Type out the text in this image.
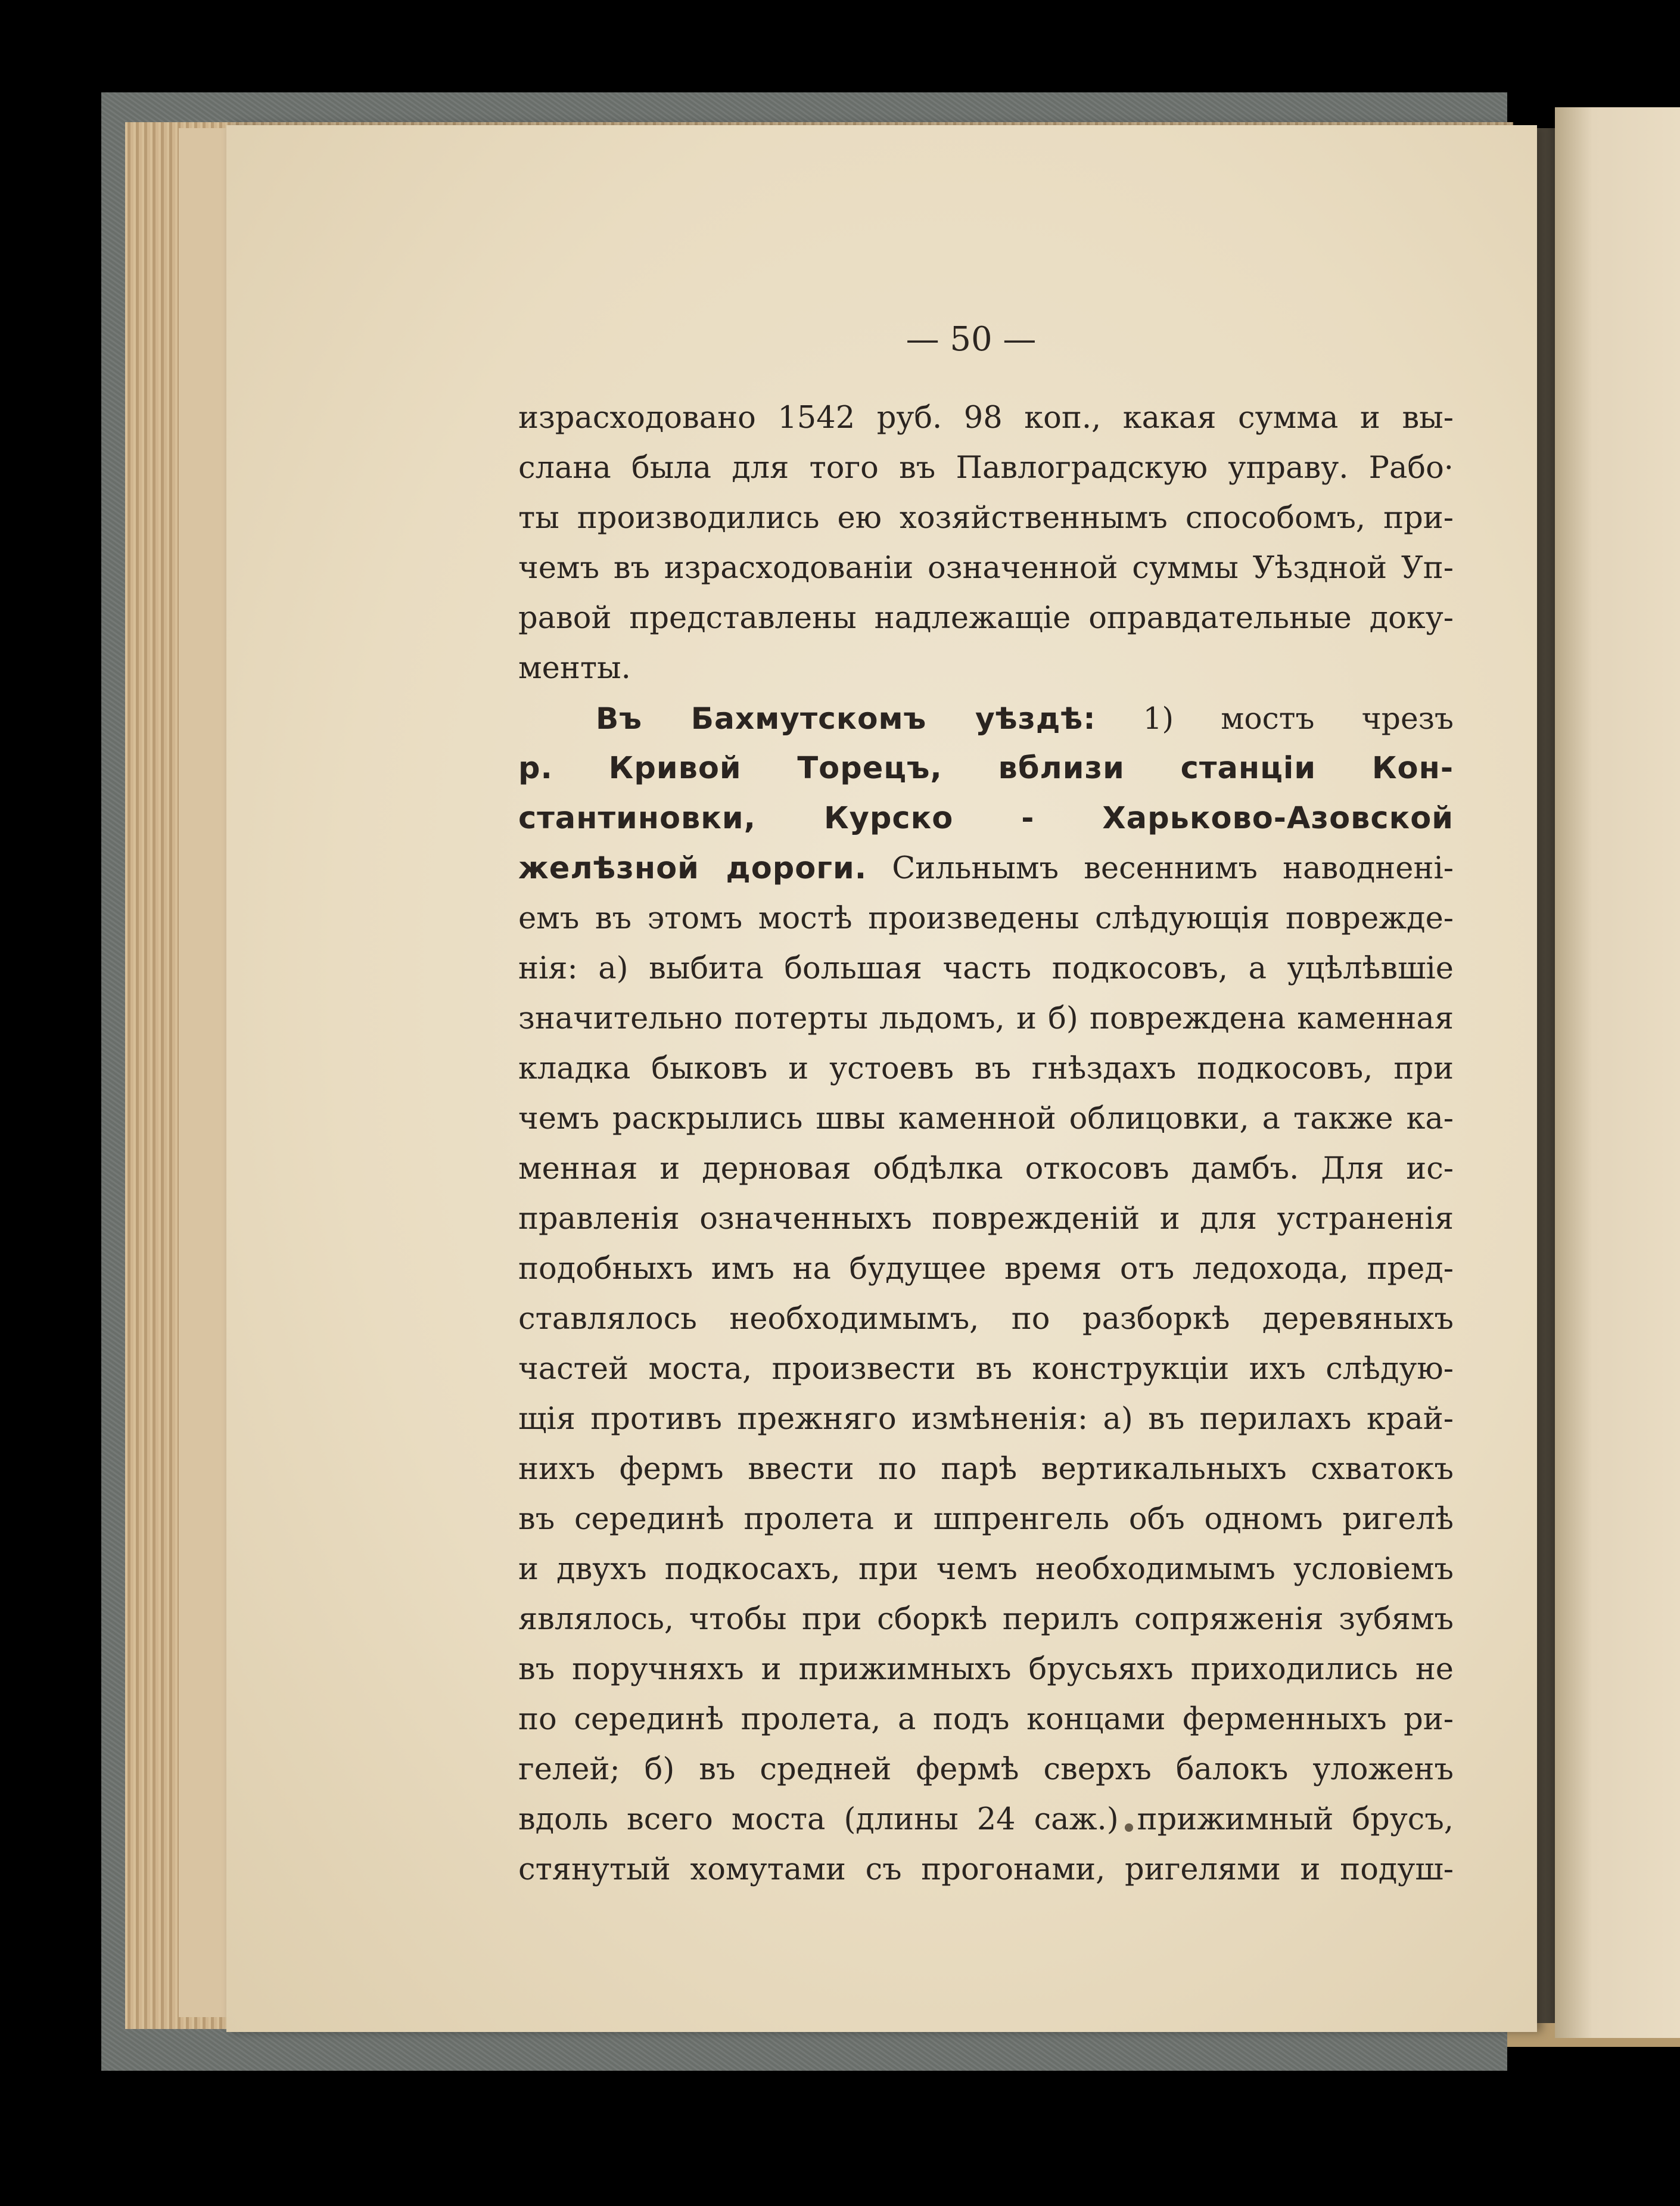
— 50 —
израсходовано 1542 руб. 98 коп., какая сумма и вы-
слана была для того въ Павлоградскую управу. Рабо·
ты производились ею хозяйственнымъ способомъ, при-
чемъ въ израсходованіи означенной суммы Уѣздной Уп-
равой представлены надлежащіе оправдательные доку-
менты.
Въ Бахмутскомъ уѣздѣ: 1) мостъ чрезъ
р. Кривой Торецъ, вблизи станціи Кон-
стантиновки, Курско - Харьково-Азовской
желѣзной дороги. Сильнымъ весеннимъ наводненi-
емъ въ этомъ мостѣ произведены слѣдующія поврежде-
нія: а) выбита большая часть подкосовъ, а уцѣлѣвшіе
значительно потерты льдомъ, и б) повреждена каменная
кладка быковъ и устоевъ въ гнѣздахъ подкосовъ, при
чемъ раскрылись швы каменной облицовки, а также ка-
менная и дерновая обдѣлка откосовъ дамбъ. Для ис-
правленія означенныхъ поврежденій и для устраненія
подобныхъ имъ на будущее время отъ ледохода, пред-
ставлялось необходимымъ, по разборкѣ деревяныхъ
частей моста, произвести въ конструкціи ихъ слѣдую-
щія противъ прежняго измѣненія: а) въ перилахъ край-
нихъ фермъ ввести по парѣ вертикальныхъ схватокъ
въ серединѣ пролета и шпренгель объ одномъ ригелѣ
и двухъ подкосахъ, при чемъ необходимымъ условіемъ
являлось, чтобы при сборкѣ перилъ сопряженія зубямъ
въ поручняхъ и прижимныхъ брусьяхъ приходились не
по серединѣ пролета, а подъ концами ферменныхъ ри-
гелей; б) въ средней фермѣ сверхъ балокъ уложенъ
вдоль всего моста (длины 24 саж.) прижимный брусъ,
стянутый хомутами съ прогонами, ригелями и подуш-
